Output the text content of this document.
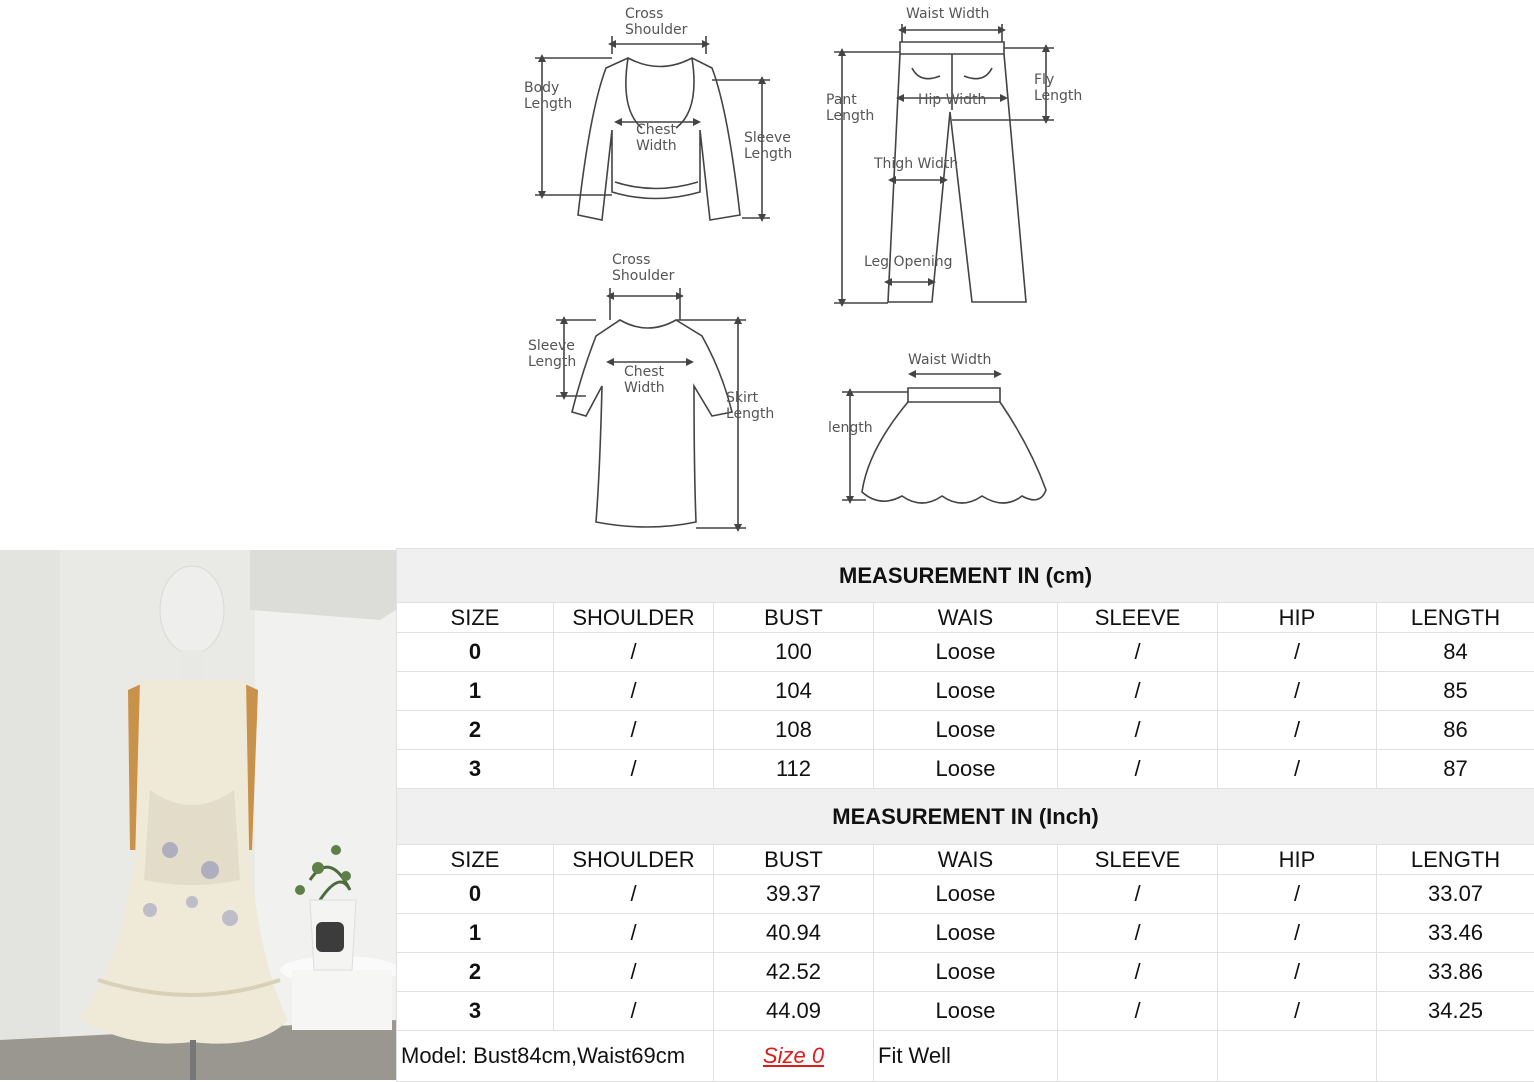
Cross
Shoulder
Body
Length
Chest
Width	Sleeve
Length
Waist Width
Pant
Length
Hip Width
Fly
Length
Thigh Width
Leg Opening
Cross
Shoulder
Sleeve
Length
Chest
Width
Skirt
Length
Waist Width
length
MEASUREMENT IN (cm)						
SIZE	SHOULDER	BUST	WAIS	SLEEVE	HIP	LENGTH
0	/	100	Loose	/	/	84
1	/	104	Loose	/	/	85
2	/	108	Loose	/	/	86
3	/	112	Loose	/	/	87
MEASUREMENT IN (Inch)						
SIZE	SHOULDER	BUST	WAIS	SLEEVE	HIP	LENGTH
0	/	39.37	Loose	/	/	33.07
1	/	40.94	Loose	/	/	33.46
2	/	42.52	Loose	/	/	33.86
3	/	44.09	Loose	/	/	34.25
Model: Bust84cm,Waist69cm		Size 0	Fit Well			
